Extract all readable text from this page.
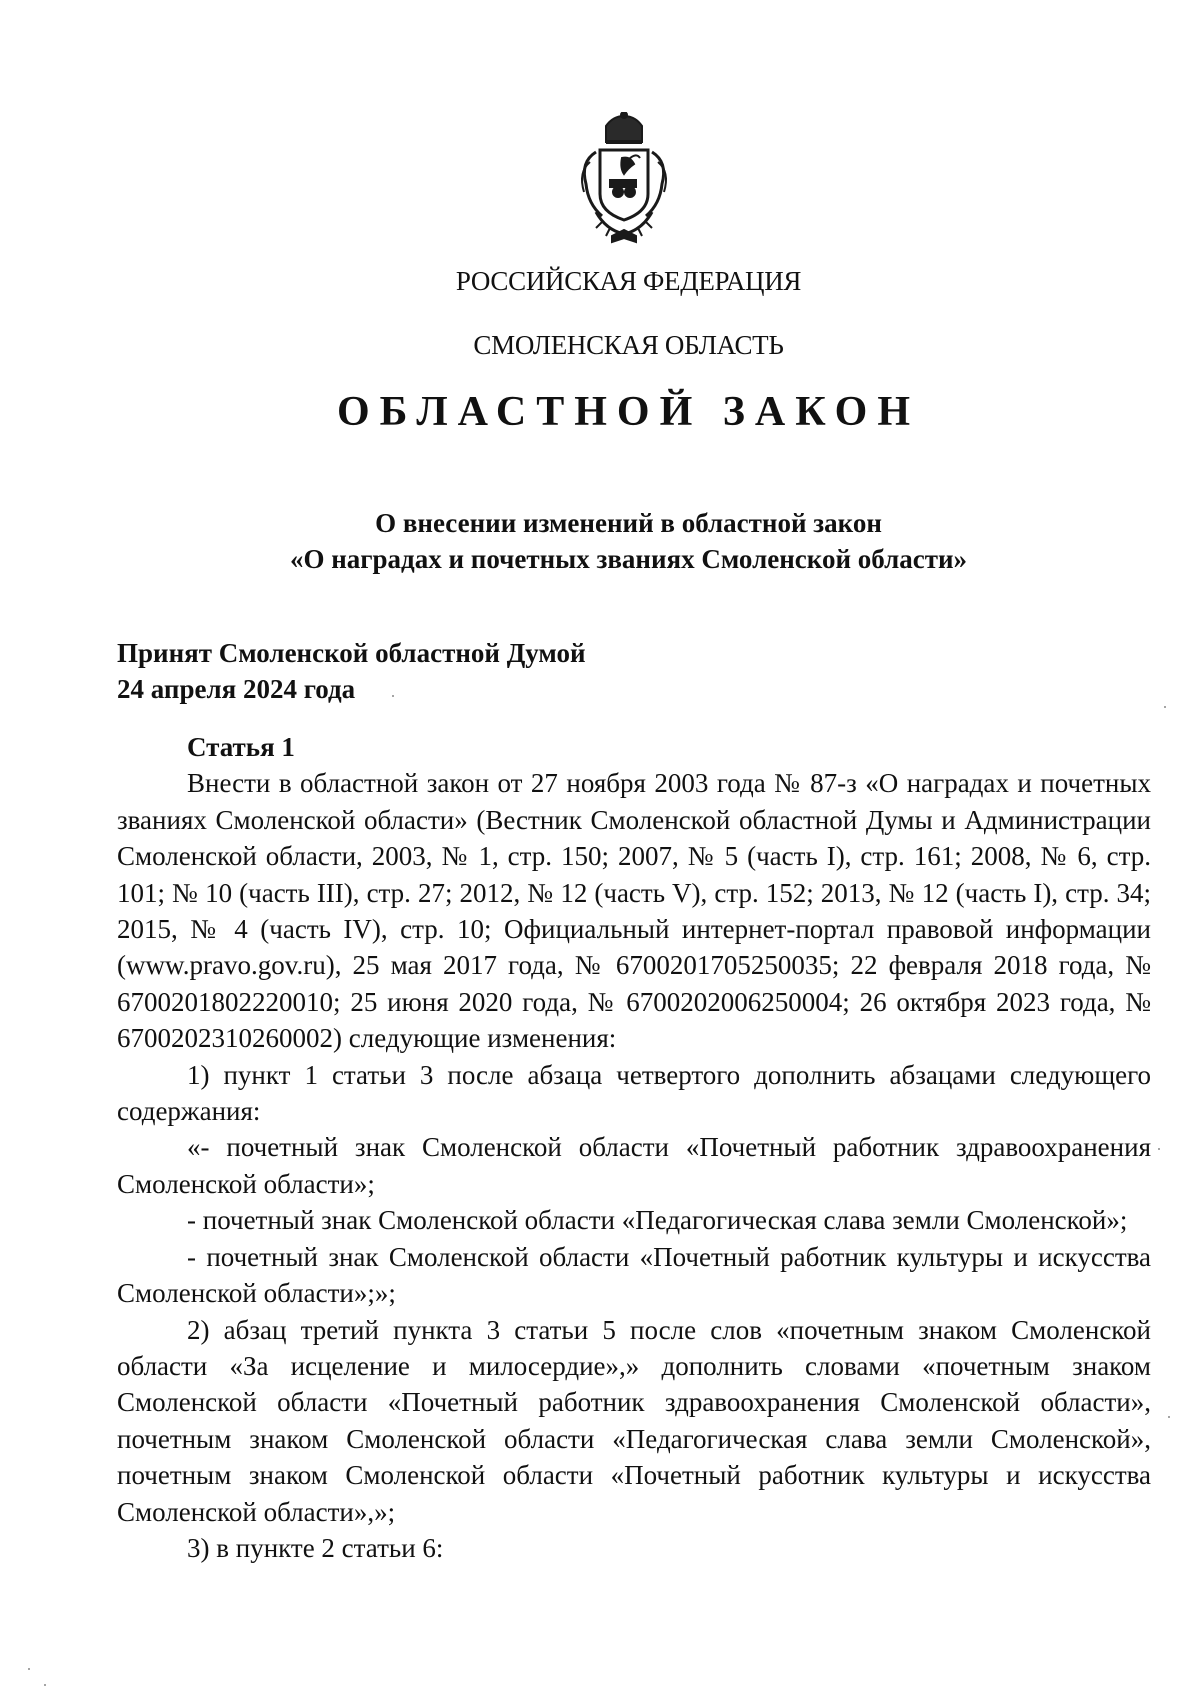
РОССИЙСКАЯ ФЕДЕРАЦИЯ
СМОЛЕНСКАЯ ОБЛАСТЬ
ОБЛАСТНОЙ ЗАКОН
О внесении изменений в областной закон
«О наградах и почетных званиях Смоленской области»
Принят Смоленской областной Думой
24 апреля 2024 года

Статья 1

Внести в областной закон от 27 ноября 2003 года № 87-з «О наградах и почетных званиях Смоленской области» (Вестник Смоленской областной Думы и Администрации Смоленской области, 2003, № 1, стр. 150; 2007, № 5 (часть I), стр. 161; 2008, № 6, стр. 101; № 10 (часть III), стр. 27; 2012, № 12 (часть V), стр. 152; 2013, № 12 (часть I), стр. 34; 2015, № 4 (часть IV), стр. 10; Официальный интернет-портал правовой информации (www.pravo.gov.ru), 25 мая 2017 года, № 6700201705250035; 22 февраля 2018 года, № 6700201802220010; 25 июня 2020 года, № 6700202006250004; 26 октября 2023 года, № 6700202310260002) следующие изменения:

1) пункт 1 статьи 3 после абзаца четвертого дополнить абзацами следующего содержания:

«- почетный знак Смоленской области «Почетный работник здравоохранения Смоленской области»;

- почетный знак Смоленской области «Педагогическая слава земли Смоленской»;

- почетный знак Смоленской области «Почетный работник культуры и искусства Смоленской области»;»;

2) абзац третий пункта 3 статьи 5 после слов «почетным знаком Смоленской области «За исцеление и милосердие»,» дополнить словами «почетным знаком Смоленской области «Почетный работник здравоохранения Смоленской области», почетным знаком Смоленской области «Педагогическая слава земли Смоленской», почетным знаком Смоленской области «Почетный работник культуры и искусства Смоленской области»,»;

3) в пункте 2 статьи 6:
